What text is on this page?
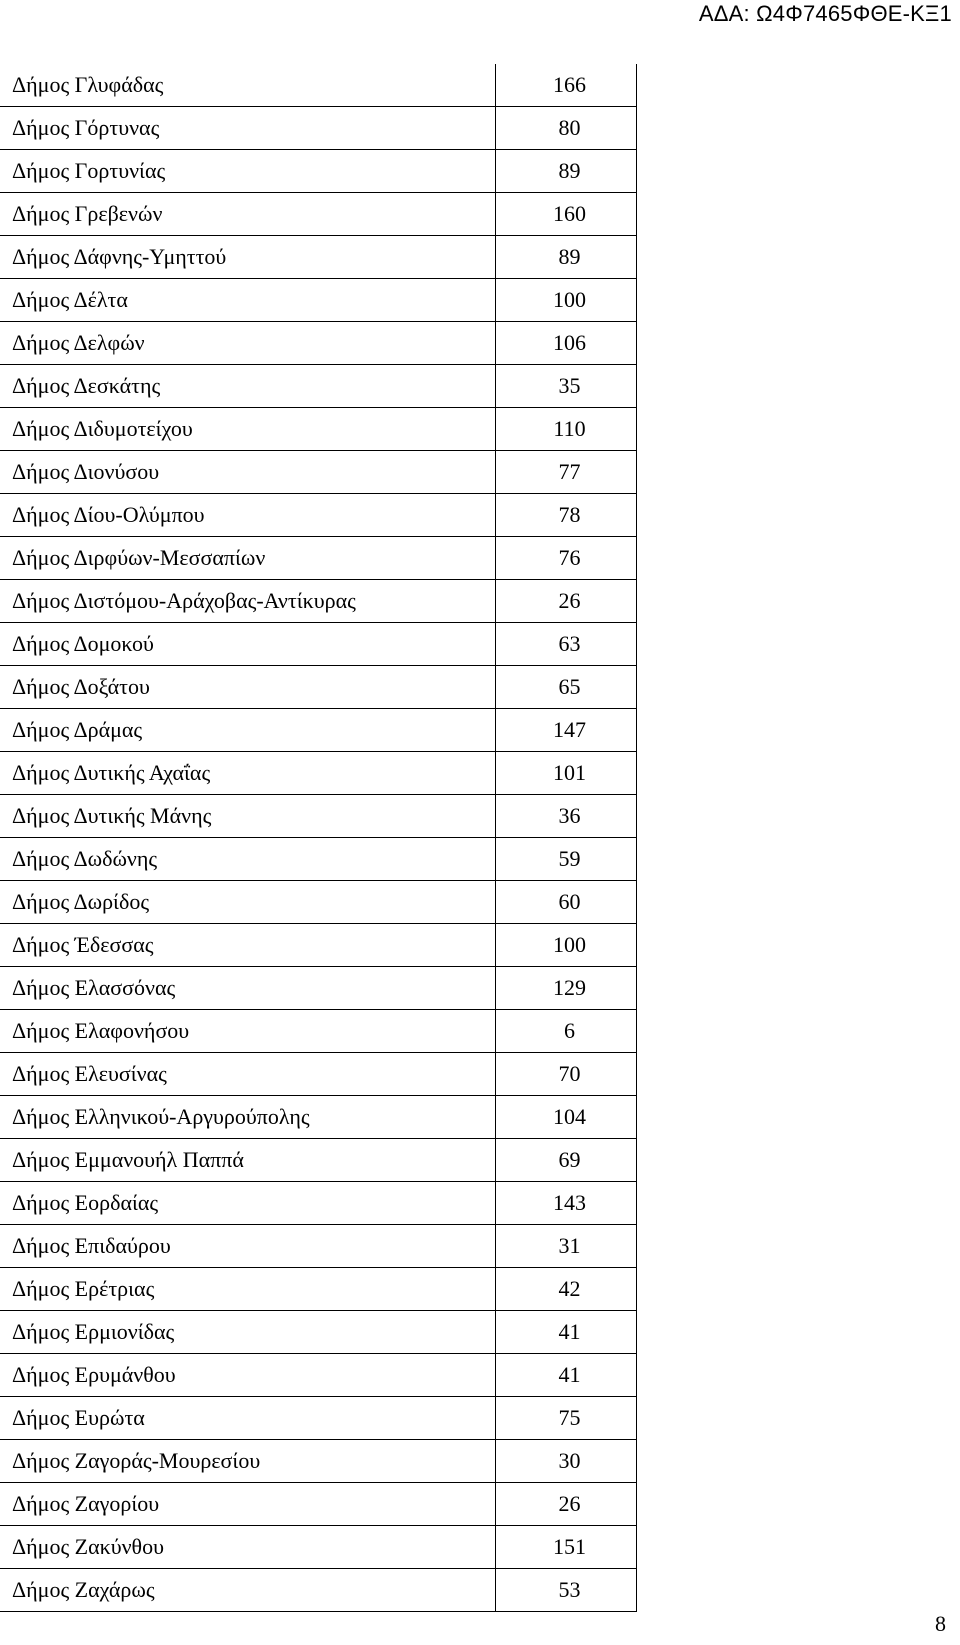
ΑΔΑ: Ω4Φ7465ΦΘΕ-ΚΞ1
Δήμος Γλυφάδας	166
Δήμος Γόρτυνας	80
Δήμος Γορτυνίας	89
Δήμος Γρεβενών	160
Δήμος Δάφνης-Υμηττού	89
Δήμος Δέλτα	100
Δήμος Δελφών	106
Δήμος Δεσκάτης	35
Δήμος Διδυμοτείχου	110
Δήμος Διονύσου	77
Δήμος Δίου-Ολύμπου	78
Δήμος Διρφύων-Μεσσαπίων	76
Δήμος Διστόμου-Αράχοβας-Αντίκυρας	26
Δήμος Δομοκού	63
Δήμος Δοξάτου	65
Δήμος Δράμας	147
Δήμος Δυτικής Αχαΐας	101
Δήμος Δυτικής Μάνης	36
Δήμος Δωδώνης	59
Δήμος Δωρίδος	60
Δήμος Έδεσσας	100
Δήμος Ελασσόνας	129
Δήμος Ελαφονήσου	6
Δήμος Ελευσίνας	70
Δήμος Ελληνικού-Αργυρούπολης	104
Δήμος Εμμανουήλ Παππά	69
Δήμος Εορδαίας	143
Δήμος Επιδαύρου	31
Δήμος Ερέτριας	42
Δήμος Ερμιονίδας	41
Δήμος Ερυμάνθου	41
Δήμος Ευρώτα	75
Δήμος Ζαγοράς-Μουρεσίου	30
Δήμος Ζαγορίου	26
Δήμος Ζακύνθου	151
Δήμος Ζαχάρως	53
8
